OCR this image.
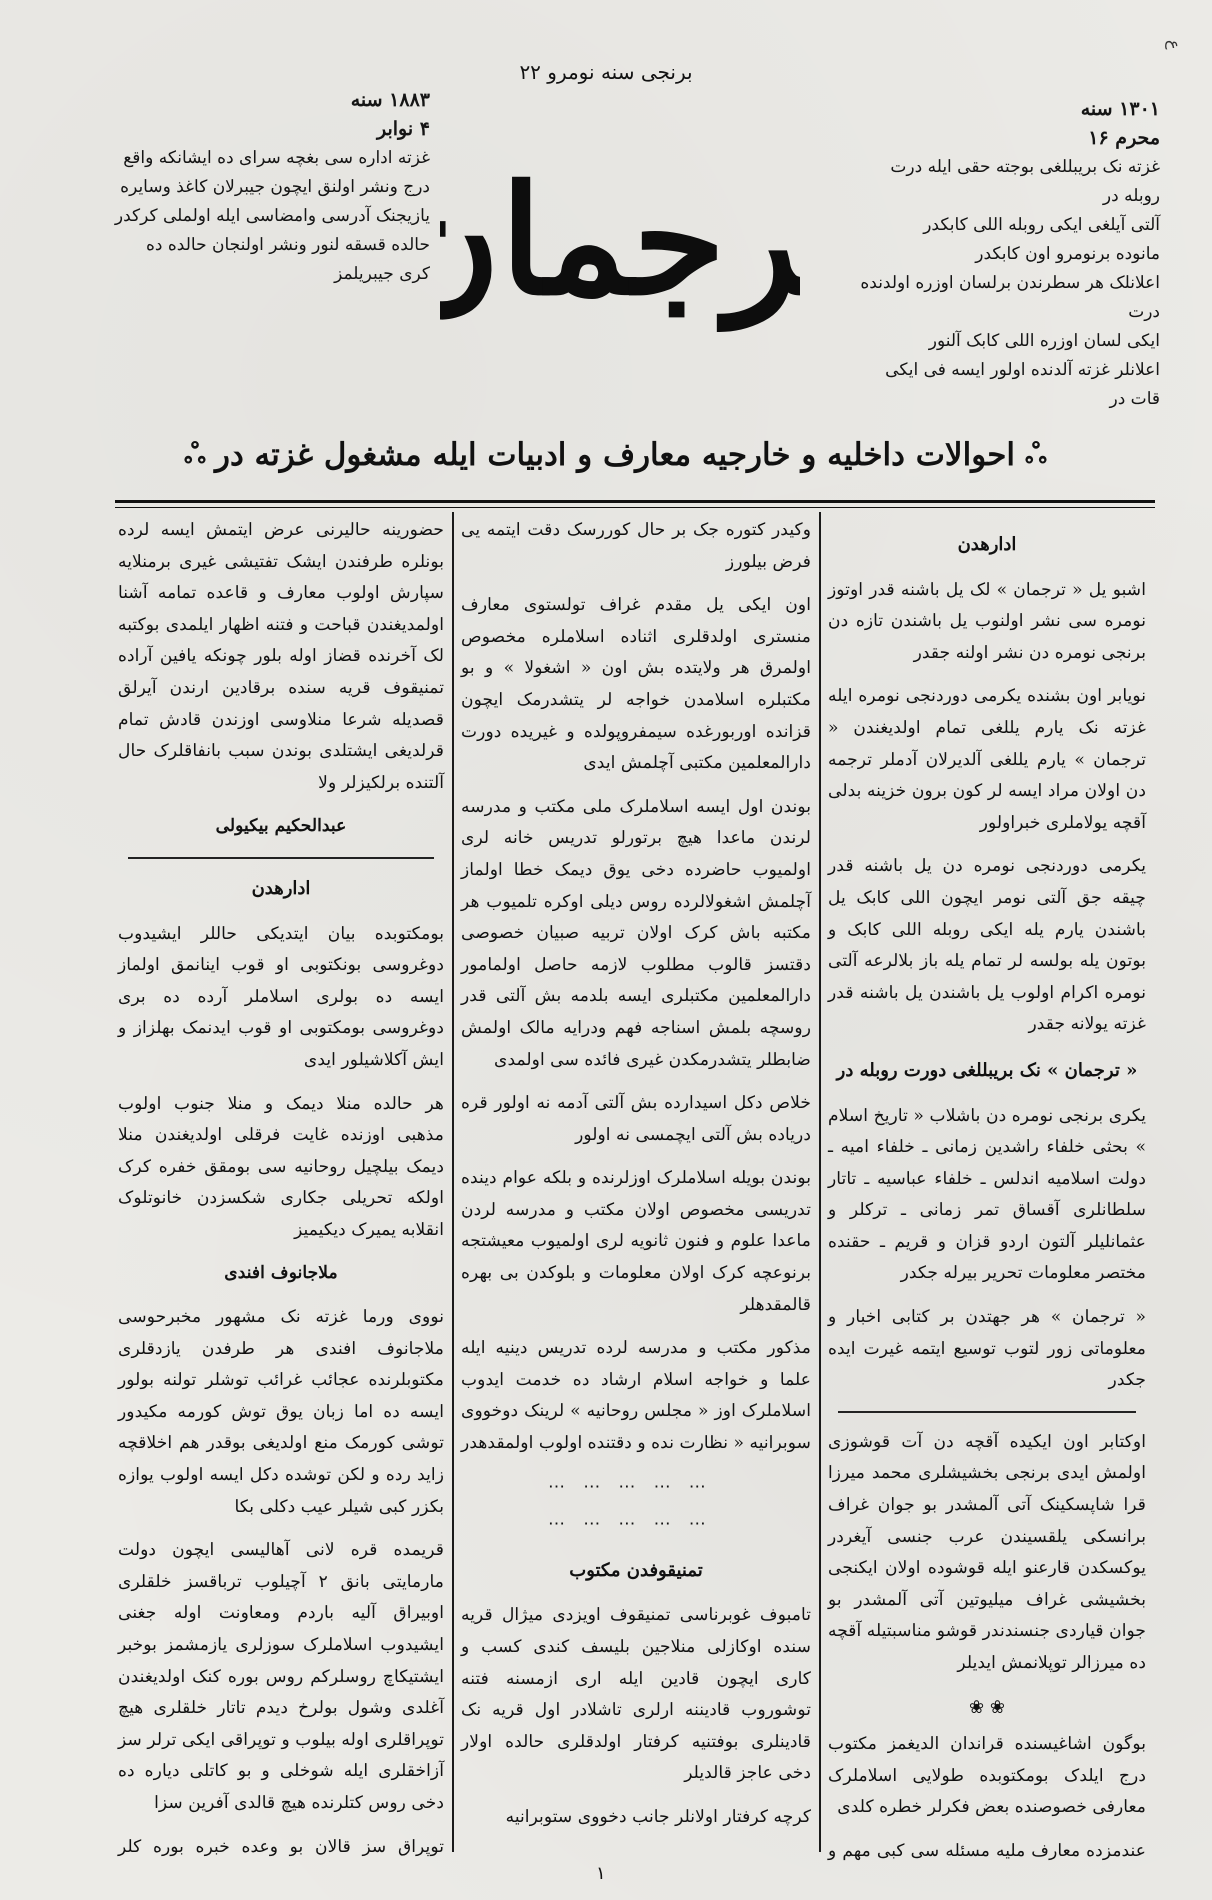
برنجی سنه نومرو ۲۲
رجمان

۱۸۸۳ سنه

۴ نوابر

غزته اداره سی بغچه سرای ده ایشانکه واقع

درج ونشر اولنق ایچون جیبرلان کاغذ وسایره

یازیجنک آدرسی وامضاسی ایله اولملی کرکدر

حالده قسقه لنور ونشر اولنجان حالده ده

کری جیبریلمز

۱۳۰۱ سنه

محرم ۱۶

غزته نک بریبللغی بوجته حقی ایله درت روبله در

آلتی آیلغی ایکی روبله اللی کابکدر

مانوده برنومرو اون کابکدر

اعلانلک هر سطرندن برلسان اوزره اولدنده درت

ایکی لسان اوزره اللی کابک آلنور

اعلانلر غزته آلدنده اولور ایسه فی ایکی قات در

ஃ
احوالات داخلیه و خارجیه معارف و ادبیات ایله مشغول غزته در
ஃ

ادارهدن

اشبو یل « ترجمان » لک یل باشنه قدر اوتوز نومره سی نشر اولنوب یل باشندن تازه دن برنجی نومره دن نشر اولنه جقدر

نویابر اون بشنده یکرمی دوردنجی نومره ایله غزته نک یارم یللغی تمام اولدیغندن « ترجمان » یارم یللغی آلدیرلان آدملر ترجمه دن اولان مراد ایسه لر کون برون خزینه بدلی آقچه یولاملری خبراولور

یکرمی دوردنجی نومره دن یل باشنه قدر چیقه جق آلتی نومر ایچون اللی کابک یل باشندن یارم یله ایکی روبله اللی کابک و بوتون یله بولسه لر تمام یله باز بلالرعه آلتی نومره اکرام اولوب یل باشندن یل باشنه قدر غزته یولانه جقدر

« ترجمان » نک بریبللغی دورت روبله در

یکری برنجی نومره دن باشلاب « تاریخ اسلام » بحثی خلفاء راشدین زمانی ـ خلفاء امیه ـ دولت اسلامیه اندلس ـ خلفاء عباسیه ـ تاتار سلطانلری آقساق تمر زمانی ـ ترکلر و عثمانلیلر آلتون اردو قزان و قریم ـ حقنده مختصر معلومات تحریر بیرله جکدر

« ترجمان » هر جهتدن بر کتابی اخبار و معلوماتی زور لتوب توسیع ایتمه غیرت ایده جکدر

اوکتابر اون ایکیده آقچه دن آت قوشوزی اولمش ایدی برنجی بخشیشلری محمد میرزا قرا شاپسکینک آتی آلمشدر بو جوان غراف برانسکی یلقسیندن عرب جنسی آیغردر یوکسکدن قارعنو ایله قوشوده اولان ایکنجی بخشیشی غراف میلیوتین آتی آلمشدر بو جوان قیاردی جنسندندر قوشو مناسبتیله آقچه ده میرزالر توپلانمش ایدیلر

❀ ❀

بوگون اشاغیسنده قراندان الدیغمز مکتوب درج ایلدک بومکتوبده طولایی اسلاملرک معارفی خصوصنده بعض فکرلر خطره کلدی

عندمزده معارف ملیه مسئله سی کبی مهم و

وکیدر کتوره جک بر حال کوررسک دقت ایتمه یی فرض بیلورز

اون ایکی یل مقدم غراف تولستوی معارف منستری اولدقلری اثناده اسلاملره مخصوص اولمرق هر ولایتده بش اون « اشغولا » و بو مکتبلره اسلامدن خواجه لر یتشدرمک ایچون قزانده اوربورغده سیمفروپولده و غیریده دورت دارالمعلمین مکتبی آچلمش ایدی

بوندن اول ایسه اسلاملرک ملی مکتب و مدرسه لرندن ماعدا هیچ برتورلو تدریس خانه لری اولمیوب حاضرده دخی یوق دیمک خطا اولماز آچلمش اشغولالرده روس دیلی اوکره تلمیوب هر مکتبه باش کرک اولان تربیه صبیان خصوصی دقتسز قالوب مطلوب لازمه حاصل اولمامور دارالمعلمین مکتبلری ایسه بلدمه بش آلتی قدر روسچه بلمش اسناجه فهم ودرایه مالک اولمش ضابطلر یتشدرمکدن غیری فائده سی اولمدی

خلاص دکل اسیدارده بش آلتی آدمه نه اولور قره دریاده بش آلتی ایچمسی نه اولور

بوندن بویله اسلاملرک اوزلرنده و بلکه عوام دینده تدریسی مخصوص اولان مکتب و مدرسه لردن ماعدا علوم و فنون ثانویه لری اولمیوب معیشتجه برنوعچه کرک اولان معلومات و بلوکدن بی بهره قالمقدهلر

مذکور مکتب و مدرسه لرده تدریس دینیه ایله علما و خواجه اسلام ارشاد ده خدمت ایدوب اسلاملرک اوز « مجلس روحانیه » لرینک دوخووی سوبرانیه « نظارت نده و دقتنده اولوب اولمقدهدر

⋯⋯⋯⋯⋯

⋯⋯⋯⋯⋯

تمنیقوفدن مکتوب

تامبوف غوبرناسی تمنیقوف اویزدی میژال قریه سنده اوکازلی منلاجین بلیسف کندی کسب و کاری ایچون قادین ایله اری ازمسنه فتنه توشوروب قادیننه ارلری تاشلادر اول قریه نک قادینلری بوفتنیه کرفتار اولدقلری حالده اولار دخی عاجز قالدیلر

کرچه کرفتار اولانلر جانب دخووی ستوبرانیه

حضورینه حالیرنی عرض ایتمش ایسه لرده بونلره طرفندن ایشک تفتیشی غیری برمنلایه سپارش اولوب معارف و قاعده تمامه آشنا اولمدیغندن قباحت و فتنه اظهار ایلمدی بوکتبه لک آخرنده قضاز اوله بلور چونکه یافین آراده تمنیقوف قریه سنده برقادین ارندن آیرلق قصدیله شرعا منلاوسی اوزندن قادش تمام قرلدیغی ایشتلدی بوندن سبب بانفاقلرک حال آلتنده برلکیزلر ولا

عبدالحکیم بیکیولی

ادارهدن

بومکتوبده بیان ایتدیکی حاللر ایشیدوب دوغروسی بونکتوبی او قوب اینانمق اولماز ایسه ده بولری اسلاملر آرده ده بری دوغروسی بومکتوبی او قوب ایدنمک بهلزاز و ایش آکلاشیلور ایدی

هر حالده منلا دیمک و منلا جنوب اولوب مذهبی اوزنده غایت فرقلی اولدیغندن منلا دیمک بیلچیل روحانیه سی بومقق خفره کرک اولکه تحریلی جکاری شکسزدن خانوتلوک انقلابه یمیرک دیکیمیز

ملاجانوف افندی

نووی ورما غزته نک مشهور مخبرحوسی ملاجانوف افندی هر طرفدن یازدقلری مکتوبلرنده عجائب غرائب توشلر تولنه بولور ایسه ده اما زبان یوق توش کورمه مکیدور توشی کورمک منع اولدیغی بوقدر هم اخلاقچه زاید رده و لکن توشده دکل ایسه اولوب یوازه بکزر کبی شیلر عیب دکلی بکا

قریمده قره لانی آهالیسی ایچون دولت مارمایتی بانق ۲ آچیلوب ترباقسز خلقلری اوبیراق آلیه باردم ومعاونت اوله جغنی ایشیدوب اسلاملرک سوزلری یازمشمز بوخبر ایشتیکاچ روسلرکم روس بوره کنک اولدیغندن آغلدی وشول بولرخ دیدم تاتار خلقلری هیچ توپراقلری اوله بیلوب و توپراقی ایکی ترلر سز آزاخقلری ایله شوخلی و بو کاتلی دیاره ده دخی روس کتلرنده هیچ قالدی آفرین سزا

توپراق سز قالان بو وعده خبره بوره کلر

۱
ع
